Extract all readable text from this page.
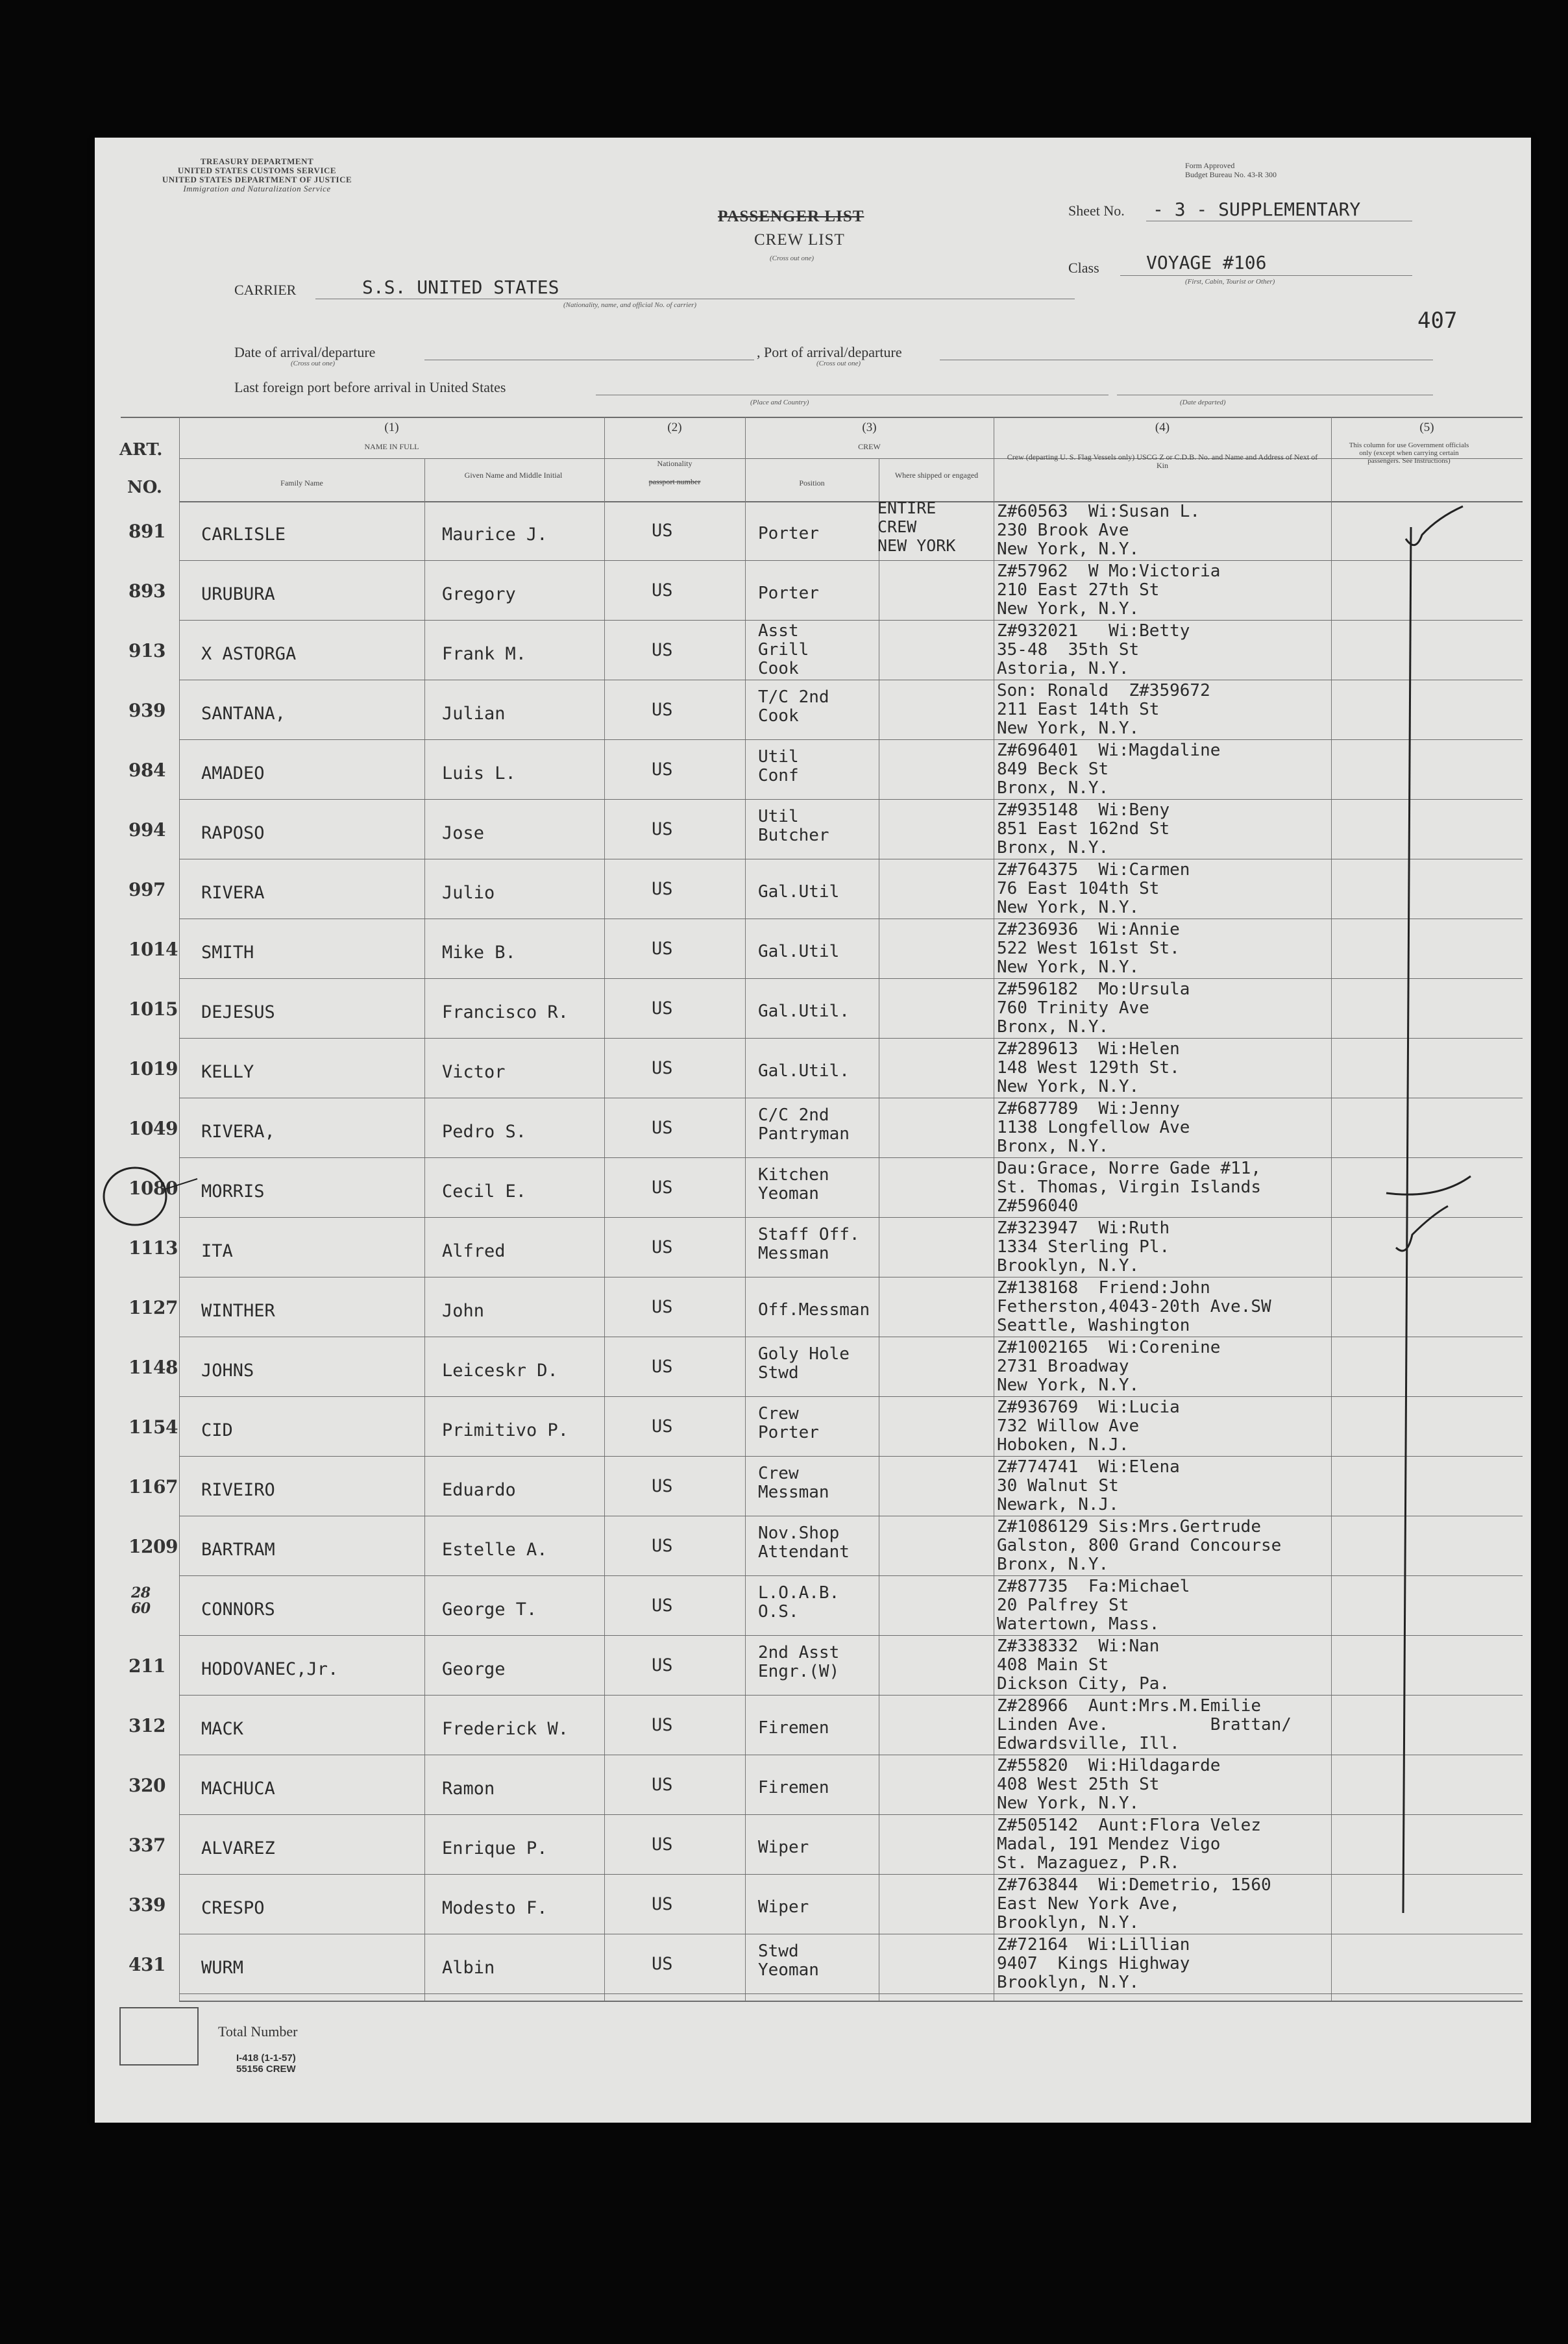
TREASURY DEPARTMENT
UNITED STATES CUSTOMS SERVICE
UNITED STATES DEPARTMENT OF JUSTICE
Immigration and Naturalization Service
Form Approved
Budget Bureau No. 43-R 300
PASSENGER LIST
CREW LIST
(Cross out one)
Sheet No. - 3 - SUPPLEMENTARY
Class	VOYAGE #106
(First, Cabin, Tourist or Other)
407
CARRIER	S.S. UNITED STATES
(Nationality, name, and official No. of carrier)
Date of arrival/departure
(Cross out one)
, Port of arrival/departure
(Cross out one)
Last foreign port before arrival in United States
(Place and Country)	(Date departed)
ART.
NO.
(1)
NAME IN FULL
Family Name
Given Name and Middle Initial
(2)
Nationality
passport number
(3)
CREW
Position
Where shipped or engaged
(4)
Crew (departing U. S. Flag Vessels only) USCG Z or C.D.B. No. and Name and Address of Next of Kin
(5)
This column for use Government officials only (except when carrying certain passengers. See Instructions)
891 CARLISLE	Maurice J.	US	Porter
ENTIRE
CREW
NEW YORK
Z#60563  Wi:Susan L.
230 Brook Ave
New York, N.Y.
893 URUBURA	Gregory	US	Porter
Z#57962  W Mo:Victoria
210 East 27th St
New York, N.Y.
913 X ASTORGA	Frank M.	US
Asst
Grill
Cook
Z#932021   Wi:Betty
35-48  35th St
Astoria, N.Y.
939 SANTANA,	Julian	US
T/C 2nd
Cook
Son: Ronald  Z#359672
211 East 14th St
New York, N.Y.
984 AMADEO	Luis L.	US
Util
Conf
Z#696401  Wi:Magdaline
849 Beck St
Bronx, N.Y.
994 RAPOSO	Jose	US
Util
Butcher
Z#935148  Wi:Beny
851 East 162nd St
Bronx, N.Y.
997 RIVERA	Julio	US	Gal.Util
Z#764375  Wi:Carmen
76 East 104th St
New York, N.Y.
1014 SMITH	Mike B.	US	Gal.Util
Z#236936  Wi:Annie
522 West 161st St.
New York, N.Y.
1015 DEJESUS	Francisco R.	US	Gal.Util.
Z#596182  Mo:Ursula
760 Trinity Ave
Bronx, N.Y.
1019 KELLY	Victor	US	Gal.Util.
Z#289613  Wi:Helen
148 West 129th St.
New York, N.Y.
1049 RIVERA,	Pedro S.	US
C/C 2nd
Pantryman
Z#687789  Wi:Jenny
1138 Longfellow Ave
Bronx, N.Y.
1080 MORRIS	Cecil E.	US
Kitchen
Yeoman
Dau:Grace, Norre Gade #11,
St. Thomas, Virgin Islands
Z#596040
1113 ITA	Alfred	US
Staff Off.
Messman
Z#323947  Wi:Ruth
1334 Sterling Pl.
Brooklyn, N.Y.
1127 WINTHER	John	US	Off.Messman
Z#138168  Friend:John
Fetherston,4043-20th Ave.SW
Seattle, Washington
1148 JOHNS	Leiceskr D.	US
Goly Hole
Stwd
Z#1002165  Wi:Corenine
2731 Broadway
New York, N.Y.
1154 CID	Primitivo P.	US
Crew
Porter
Z#936769  Wi:Lucia
732 Willow Ave
Hoboken, N.J.
1167 RIVEIRO	Eduardo	US
Crew
Messman
Z#774741  Wi:Elena
30 Walnut St
Newark, N.J.
1209 BARTRAM	Estelle A.	US
Nov.Shop
Attendant
Z#1086129 Sis:Mrs.Gertrude
Galston, 800 Grand Concourse
Bronx, N.Y.
28
60	CONNORS	George T.	US
L.O.A.B.
O.S.
Z#87735  Fa:Michael
20 Palfrey St
Watertown, Mass.
211 HODOVANEC,Jr.	George	US
2nd Asst
Engr.(W)
Z#338332  Wi:Nan
408 Main St
Dickson City, Pa.
312 MACK	Frederick W.	US	Firemen
Z#28966  Aunt:Mrs.M.Emilie
Linden Ave.          Brattan/
Edwardsville, Ill.
320 MACHUCA	Ramon	US	Firemen
Z#55820  Wi:Hildagarde
408 West 25th St
New York, N.Y.
337 ALVAREZ	Enrique P.	US	Wiper
Z#505142  Aunt:Flora Velez
Madal, 191 Mendez Vigo
St. Mazaguez, P.R.
339 CRESPO	Modesto F.	US	Wiper
Z#763844  Wi:Demetrio, 1560
East New York Ave,
Brooklyn, N.Y.
431 WURM	Albin	US
Stwd
Yeoman
Z#72164  Wi:Lillian
9407  Kings Highway
Brooklyn, N.Y.
Total Number
I-418 (1-1-57)
55156 CREW
